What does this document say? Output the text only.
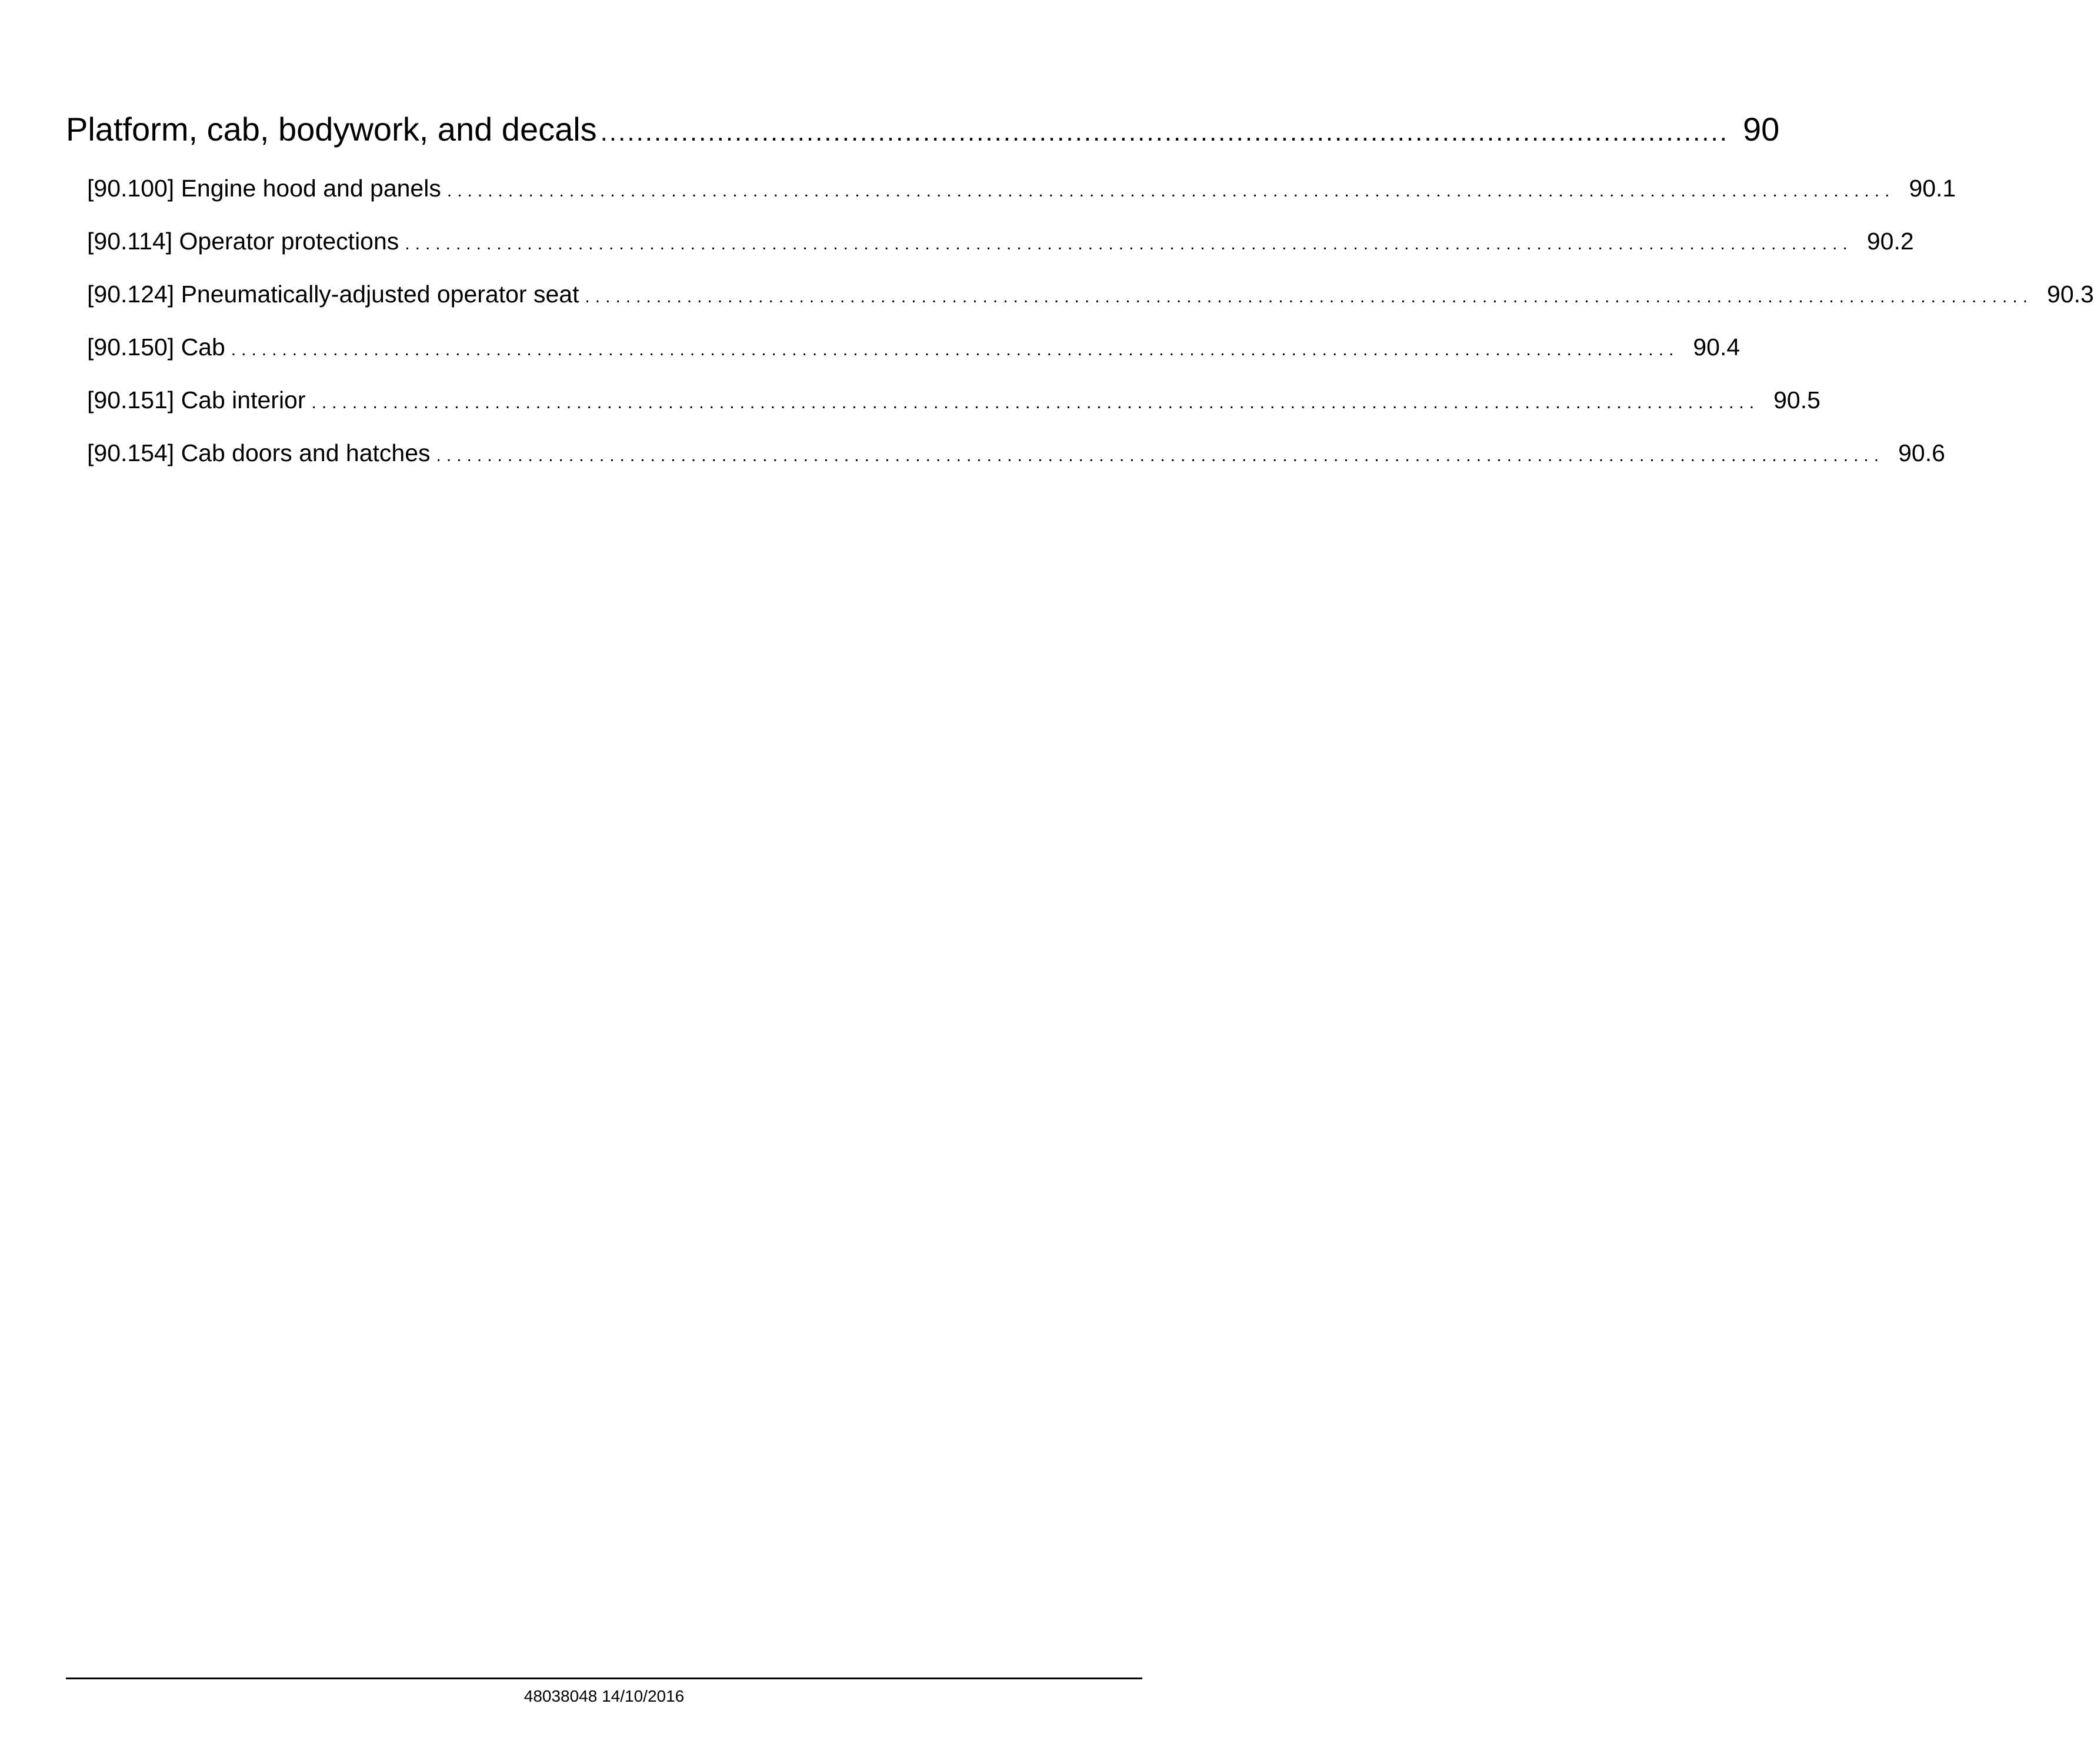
Platform, cab, bodywork, and decals .............................................................................................................................. 90
[90.100] Engine hood and panels .............................................................................................................................................. 90.1
[90.114] Operator protections .............................................................................................................................................. 90.2
[90.124] Pneumatically-adjusted operator seat .............................................................................................................................................. 90.3
[90.150] Cab .............................................................................................................................................. 90.4
[90.151] Cab interior .............................................................................................................................................. 90.5
[90.154] Cab doors and hatches .............................................................................................................................................. 90.6
48038048 14/10/2016
